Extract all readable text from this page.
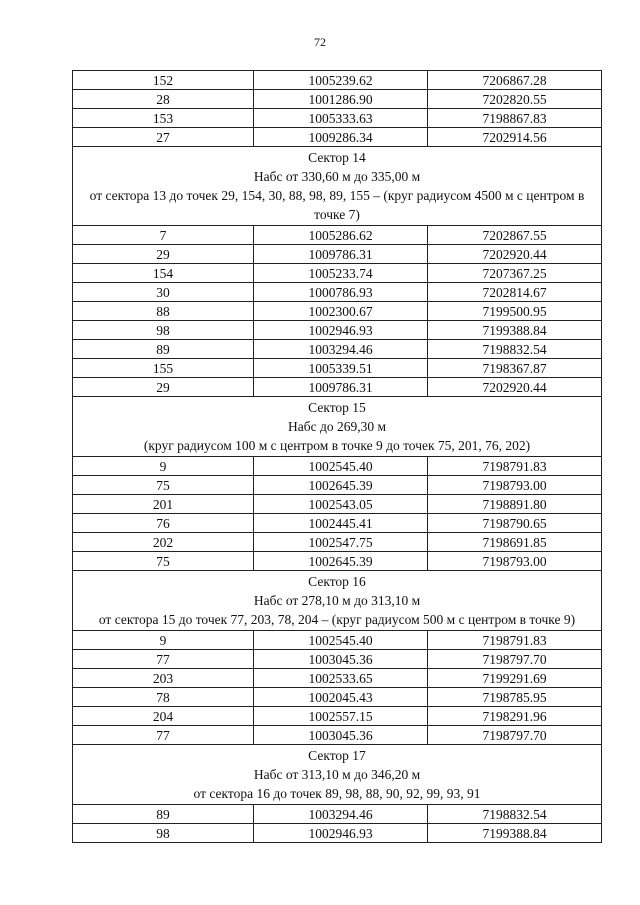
72
152	1005239.62	7206867.28
28	1001286.90	7202820.55
153	1005333.63	7198867.83
27	1009286.34	7202914.56

Сектор 14
Набс от 330,60 м до 335,00 м
от сектора 13 до точек 29, 154, 30, 88, 98, 89, 155 – (круг радиусом 4500 м с центром в точке 7)		

7	1005286.62	7202867.55
29	1009786.31	7202920.44
154	1005233.74	7207367.25
30	1000786.93	7202814.67
88	1002300.67	7199500.95
98	1002946.93	7199388.84
89	1003294.46	7198832.54
155	1005339.51	7198367.87
29	1009786.31	7202920.44

Сектор 15
Набс до 269,30 м
(круг радиусом 100 м с центром в точке 9 до точек 75, 201, 76, 202)		

9	1002545.40	7198791.83
75	1002645.39	7198793.00
201	1002543.05	7198891.80
76	1002445.41	7198790.65
202	1002547.75	7198691.85
75	1002645.39	7198793.00

Сектор 16
Набс от 278,10 м до 313,10 м
от сектора 15 до точек 77, 203, 78, 204 – (круг радиусом 500 м с центром в точке 9)		

9	1002545.40	7198791.83
77	1003045.36	7198797.70
203	1002533.65	7199291.69
78	1002045.43	7198785.95
204	1002557.15	7198291.96
77	1003045.36	7198797.70

Сектор 17
Набс от 313,10 м до 346,20 м
от сектора 16 до точек 89, 98, 88, 90, 92, 99, 93, 91		

89	1003294.46	7198832.54
98	1002946.93	7199388.84
